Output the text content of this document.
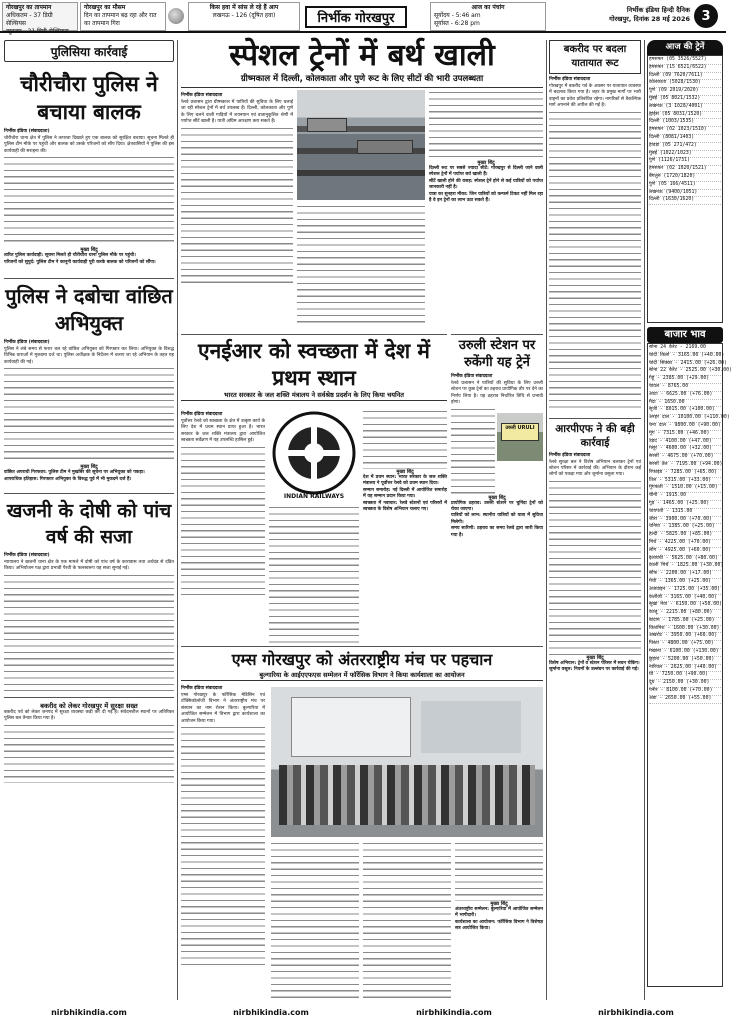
गोरखपुर का तापमान
अधिकतम - 37 डिग्री सेल्सियस
न्यूनतम - 21 डिग्री सेल्सियस
गोरखपुर का मौसम
दिन का तापमान बढ़ रहा और रात का तापमान गिरा
किस हवा में सांस ले रहे हैं आप
लखनऊ - 126 (दूषित हवा)	निर्भीक गोरखपुर
आज का पंचांग
सूर्योदय - 5:46 am
सूर्यास्त - 6:28 pm
निर्भीक इंडिया हिन्दी दैनिक
गोरखपुर, दिनांक 28 मई 2026 3
पुलिसिया कार्रवाई
चौरीचौरा पुलिस ने बचाया बालक
निर्भीक इंडिया (संवाददाता)
चौरीचौरा थाना क्षेत्र में पुलिस ने तत्परता दिखाते हुए एक बालक को सुरक्षित बचाया। सूचना मिलते ही पुलिस टीम मौके पर पहुंची और बालक को उसके परिजनों को सौंप दिया। क्षेत्रवासियों ने पुलिस की इस कार्यवाही की सराहना की।
मुख्य बिंदु
त्वरित पुलिस कार्यवाही: सूचना मिलते ही चौरीचौरा थाना पुलिस मौके पर पहुंची।
परिजनों को सुपुर्द: पुलिस टीम ने कानूनी कार्यवाही पूरी करके बालक को परिजनों को सौंपा।
पुलिस ने दबोचा वांछित अभियुक्त
निर्भीक इंडिया (संवाददाता)
पुलिस ने लंबे समय से फरार चल रहे वांछित अभियुक्त को गिरफ्तार कर लिया। अभियुक्त के विरुद्ध विभिन्न धाराओं में मुकदमा दर्ज था। पुलिस अधीक्षक के निर्देशन में चलाए जा रहे अभियान के तहत यह कार्यवाही की गई।
मुख्य बिंदु
वांछित अपराधी गिरफ्तार: पुलिस टीम ने मुखबिर की सूचना पर अभियुक्त को पकड़ा।
आपराधिक इतिहास: गिरफ्तार अभियुक्त के विरुद्ध पूर्व में भी मुकदमे दर्ज हैं।
खजनी के दोषी को पांच वर्ष की सजा
निर्भीक इंडिया (संवाददाता)
न्यायालय ने खजनी थाना क्षेत्र के एक मामले में दोषी को पांच वर्ष के कारावास तथा अर्थदंड से दंडित किया। अभियोजन पक्ष द्वारा प्रभावी पैरवी के फलस्वरूप यह सजा सुनाई गई।
बकरीद को लेकर गोरखपुर में सुरक्षा सख्त
बकरीद पर्व को लेकर जनपद में सुरक्षा व्यवस्था कड़ी कर दी गई है। संवेदनशील स्थानों पर अतिरिक्त पुलिस बल तैनात किया गया है।
स्पेशल ट्रेनों में बर्थ खाली
ग्रीष्मकाल में दिल्ली, कोलकाता और पुणे रूट के लिए सीटों की भारी उपलब्धता
निर्भीक इंडिया संवाददाता
रेलवे प्रशासन द्वारा ग्रीष्मकाल में यात्रियों की सुविधा के लिए चलाई जा रही स्पेशल ट्रेनों में बर्थ उपलब्ध हैं। दिल्ली, कोलकाता और पुणे के लिए चलने वाली गाड़ियों में शयनयान एवं वातानुकूलित श्रेणी में पर्याप्त सीटें खाली हैं। यात्री अग्रिम आरक्षण करा सकते हैं।
मुख्य बिंदु
दिल्ली रूट पर सबसे ज्यादा सीटें: गोरखपुर से दिल्ली जाने वाली स्पेशल ट्रेनों में पर्याप्त बर्थ खाली हैं।
सीटें खाली होने की वजह: स्पेशल ट्रेनें होने से कई यात्रियों को पर्याप्त जानकारी नहीं है।
यात्रा का सुनहरा मौका: जिन यात्रियों को कन्फर्म टिकट नहीं मिल रहा है वे इन ट्रेनों का लाभ उठा सकते हैं।
एनईआर को स्वच्छता में देश में प्रथम स्थान
भारत सरकार के जल शक्ति मंत्रालय ने सर्वश्रेष्ठ प्रदर्शन के लिए किया चयनित
निर्भीक इंडिया संवाददाता
पूर्वोत्तर रेलवे को स्वच्छता के क्षेत्र में उत्कृष्ट कार्य के लिए देश में प्रथम स्थान प्राप्त हुआ है। भारत सरकार के जल शक्ति मंत्रालय द्वारा आयोजित स्वच्छता सर्वेक्षण में यह उपलब्धि हासिल हुई।
INDIAN RAILWAYS
मुख्य बिंदु
देश में प्रथम स्थान: भारत सरकार के जल शक्ति मंत्रालय ने पूर्वोत्तर रेलवे को प्रथम स्थान दिया।
सम्मान समारोह: नई दिल्ली में आयोजित समारोह में यह सम्मान प्रदान किया गया।
स्वच्छता में नवाचार: रेलवे स्टेशनों एवं परिसरों में स्वच्छता के विशेष अभियान चलाए गए।
उरुली स्टेशन पर रुकेंगी यह ट्रेनें
निर्भीक इंडिया संवाददाता
रेलवे प्रशासन ने यात्रियों की सुविधा के लिए उरुली स्टेशन पर कुछ ट्रेनों का ठहराव प्रायोगिक तौर पर देने का निर्णय लिया है। यह ठहराव निर्धारित तिथि से प्रभावी होगा।
उरुली URULI
मुख्य बिंदु
प्रायोगिक ठहराव: उरुली स्टेशन पर चुनिंदा ट्रेनों को रोका जाएगा।
यात्रियों को लाभ: स्थानीय यात्रियों को यात्रा में सुविधा मिलेगी।
समय सारिणी: ठहराव का समय रेलवे द्वारा जारी किया गया है।
एम्स गोरखपुर को अंतरराष्ट्रीय मंच पर पहचान
बुल्गारिया के आईएएफएस सम्मेलन में फॉरेंसिक विभाग ने किया कार्यशाला का आयोजन
निर्भीक इंडिया संवाददाता
एम्स गोरखपुर के फॉरेंसिक मेडिसिन एवं टॉक्सिकोलॉजी विभाग ने अंतरराष्ट्रीय मंच पर संस्थान का नाम रोशन किया। बुल्गारिया में आयोजित सम्मेलन में विभाग द्वारा कार्यशाला का आयोजन किया गया।
मुख्य बिंदु
अंतरराष्ट्रीय सम्मेलन: बुल्गारिया में आयोजित सम्मेलन में भागीदारी।
कार्यशाला का आयोजन: फॉरेंसिक विभाग ने विशेषज्ञ सत्र आयोजित किया।
बकरीद पर बदला यातायात रूट
निर्भीक इंडिया संवाददाता
गोरखपुर में बकरीद पर्व के अवसर पर यातायात व्यवस्था में बदलाव किया गया है। शहर के प्रमुख मार्गों पर भारी वाहनों का प्रवेश प्रतिबंधित रहेगा। नागरिकों से वैकल्पिक मार्ग अपनाने की अपील की गई है।
आरपीएफ ने की बड़ी कार्रवाई
निर्भीक इंडिया संवाददाता
रेलवे सुरक्षा बल ने विशेष अभियान चलाकर ट्रेनों एवं स्टेशन परिसर में कार्रवाई की। अभियान के दौरान कई लोगों को पकड़ा गया और जुर्माना वसूला गया।
मुख्य बिंदु
विशेष अभियान: ट्रेनों व स्टेशन परिसर में सघन चेकिंग।
जुर्माना वसूल: नियमों के उल्लंघन पर कार्रवाई की गई।
आज की ट्रेनें
हमसफर (05 3526/5527)
हमसफर (15 6521/6522)
दिल्ली (09 7620/7611)
कोलकाता (5028/1530)
पुणे (09 2019/2020)
मुंबई (05 8021/1532)
लखनऊ (3 1028/4001)
ह्वाईस (05 8031/1520)
दिल्ली (1003/1535)
हमसफर (02 1023/1510)
दिल्ली (8081/1403)
हावड़ा (05 271/472)
मुंबई (1022/1023)
पुणे (1126/1731)
हमसफर (02 1020/1521)
बेंगलुरु (1720/1820)
पुणे (05 166/4511)
लखनऊ (9400/1051)
दिल्ली (1630/1620)
बाजार भाव
सोना 24 कैरेट - 2169.00
चांदी किलो - 3165.00 (+40.00)
चांदी सिक्का - 2415.00 (+26.00)
सोना 22 कैरेट - 2525.00 (+30.00)
गेहूं - 2385.00 (+29.00)
चावल - 8765.00
आटा - 6625.00 (+76.00)
मैदा - 1650.00
सूजी - 8015.00 (+100.00)
अरहर दाल - 10100.00 (+110.00)
चना दाल - 9800.00 (+90.00)
मूंग - 7315.00 (+46.00)
उड़द - 4100.00 (+47.00)
मसूर - 4600.00 (+32.00)
सरसों - 4675.00 (+70.00)
सरसों तेल - 7195.00 (+94.00)
रिफाइंड - 7285.00 (+65.00)
तिल - 5315.00 (+33.00)
मूंगफली - 1510.00 (+15.00)
चीनी - 1915.00
गुड़ - 1465.00 (+25.00)
चायपत्ती - 1315.00
जीरा - 3900.00 (+70.00)
धनिया - 1385.00 (+25.00)
हल्दी - 5825.00 (+85.00)
मिर्च - 4225.00 (+70.00)
लौंग - 4925.00 (+60.00)
इलायची - 5625.00 (+80.00)
काली मिर्च - 1825.00 (+30.00)
सौंफ - 2200.00 (+17.00)
मेथी - 1365.00 (+25.00)
अजवाइन - 1725.00 (+35.00)
कलौंजी - 3165.00 (+40.00)
सूखा मेवा - 6150.00 (+50.00)
काजू - 2215.00 (+80.00)
बादाम - 1785.00 (+25.00)
किशमिश - 1600.00 (+30.00)
अखरोट - 3950.00 (+60.00)
पिस्ता - 4800.00 (+75.00)
मखाना - 6100.00 (+130.00)
छुहारा - 5200.00 (+50.00)
नारियल - 2625.00 (+40.00)
घी - 7250.00 (+90.00)
दूध - 2150.00 (+30.00)
पनीर - 8100.00 (+70.00)
अंडा - 2650.00 (+55.00)
nirbhikindia.com	nirbhikindia.com	nirbhikindia.com	nirbhikindia.com
